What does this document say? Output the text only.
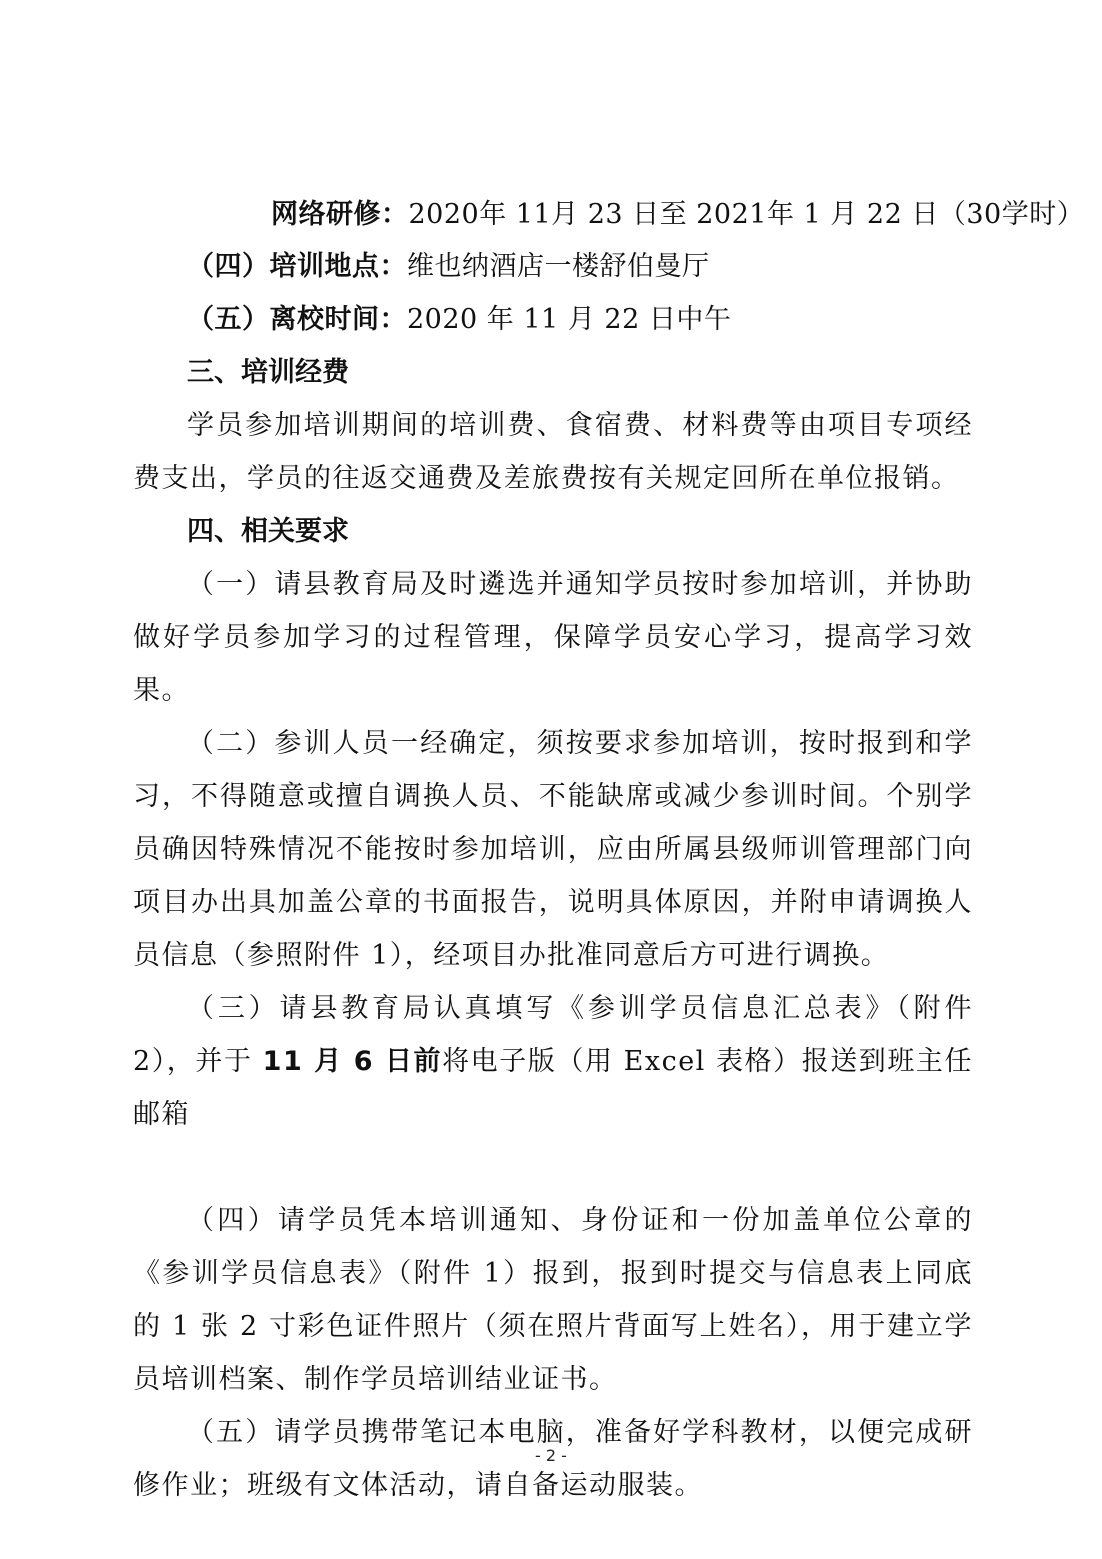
网络研修：2020年 11月 23 日至 2021年 1 月 22 日（30学时）
（四）培训地点：维也纳酒店一楼舒伯曼厅
（五）离校时间：2020 年 11 月 22 日中午
三、培训经费

学员参加培训期间的培训费、食宿费、材料费等由项目专项经费支出，学员的往返交通费及差旅费按有关规定回所在单位报销。

四、相关要求

（一）请县教育局及时遴选并通知学员按时参加培训，并协助做好学员参加学习的过程管理，保障学员安心学习，提高学习效果。

（二）参训人员一经确定，须按要求参加培训，按时报到和学习，不得随意或擅自调换人员、不能缺席或减少参训时间。个别学员确因特殊情况不能按时参加培训，应由所属县级师训管理部门向项目办出具加盖公章的书面报告，说明具体原因，并附申请调换人员信息（参照附件 1），经项目办批准同意后方可进行调换。

（三）请县教育局认真填写《参训学员信息汇总表》（附件 2），并于 11 月 6 日前将电子版（用 Excel 表格）报送到班主任邮箱

（四）请学员凭本培训通知、身份证和一份加盖单位公章的《参训学员信息表》（附件 1）报到，报到时提交与信息表上同底的 1 张 2 寸彩色证件照片（须在照片背面写上姓名），用于建立学员培训档案、制作学员培训结业证书。

（五）请学员携带笔记本电脑，准备好学科教材，以便完成研修作业；班级有文体活动，请自备运动服装。

- 2 -
